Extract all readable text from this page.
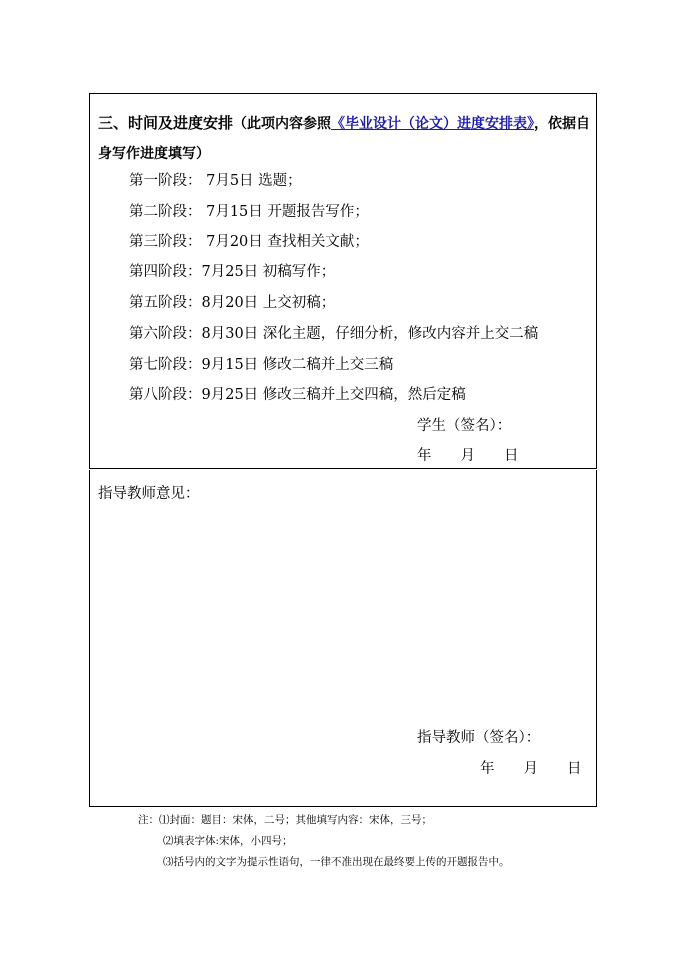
三、时间及进度安排（此项内容参照《毕业设计（论文）进度安排表》，依据自身写作进度填写）
第一阶段： 7月5日 选题；
第二阶段： 7月15日 开题报告写作；
第三阶段： 7月20日 查找相关文献；
第四阶段：7月25日 初稿写作；
第五阶段：8月20日 上交初稿；
第六阶段：8月30日 深化主题，仔细分析，修改内容并上交二稿
第七阶段：9月15日 修改二稿并上交三稿
第八阶段：9月25日 修改三稿并上交四稿，然后定稿
学生（签名）：
年　　月　　日
指导教师意见：
指导教师（签名）：
年　　月　　日
注：⑴封面：题目：宋体，二号；其他填写内容：宋体，三号；
⑵填表字体:宋体，小四号；
⑶括号内的文字为提示性语句，一律不准出现在最终要上传的开题报告中。
